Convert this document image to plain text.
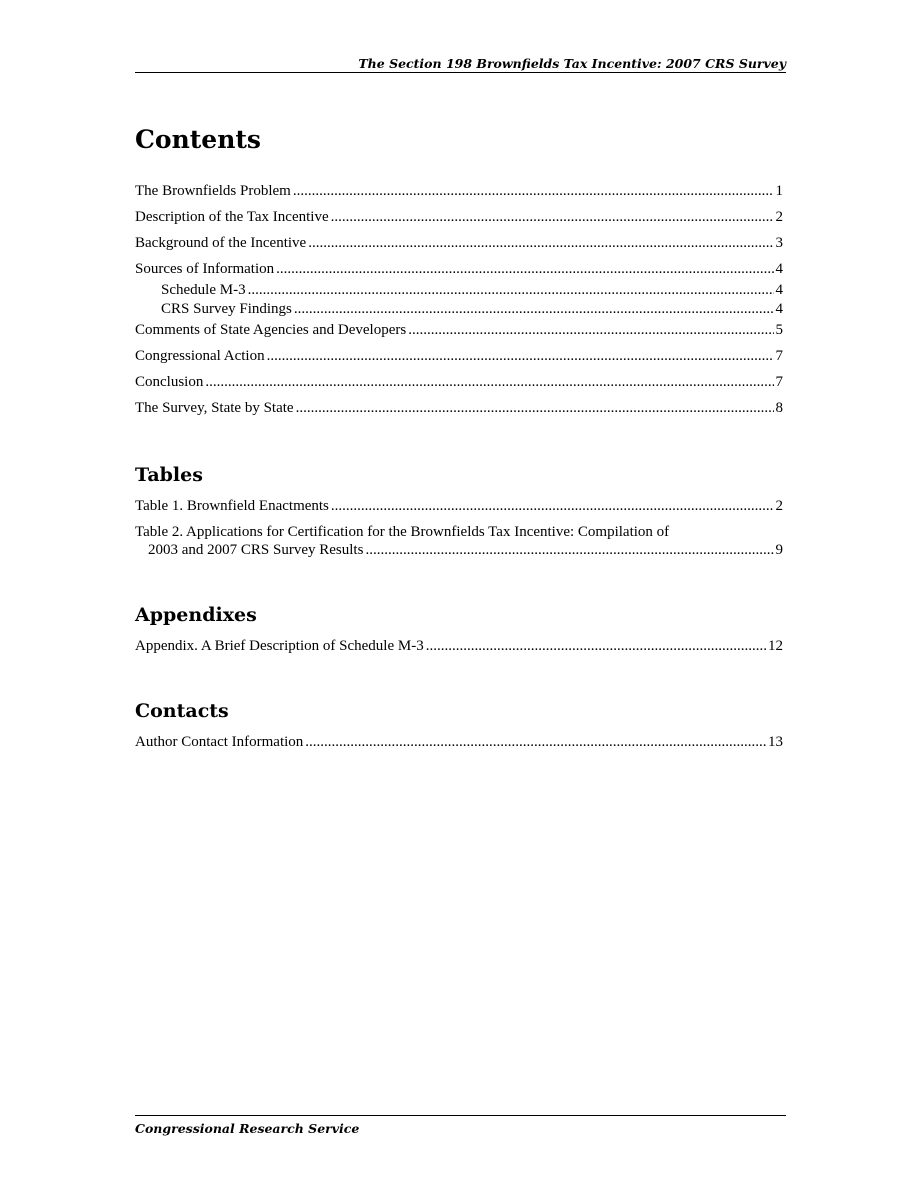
The Section 198 Brownfields Tax Incentive: 2007 CRS Survey
Contents
The Brownfields Problem .....	1
Description of the Tax Incentive .....	2
Background of the Incentive .....	3
Sources of Information .....	4
Schedule M-3 .....	4
CRS Survey Findings .....	4
Comments of State Agencies and Developers .....	5
Congressional Action .....	7
Conclusion .....	7
The Survey, State by State .....	8
Tables
Table 1. Brownfield Enactments .....	2
Table 2. Applications for Certification for the Brownfields Tax Incentive: Compilation of
2003 and 2007 CRS Survey Results .....	9
Appendixes
Appendix. A Brief Description of Schedule M-3 .....	12
Contacts
Author Contact Information .....	13
Congressional Research Service
